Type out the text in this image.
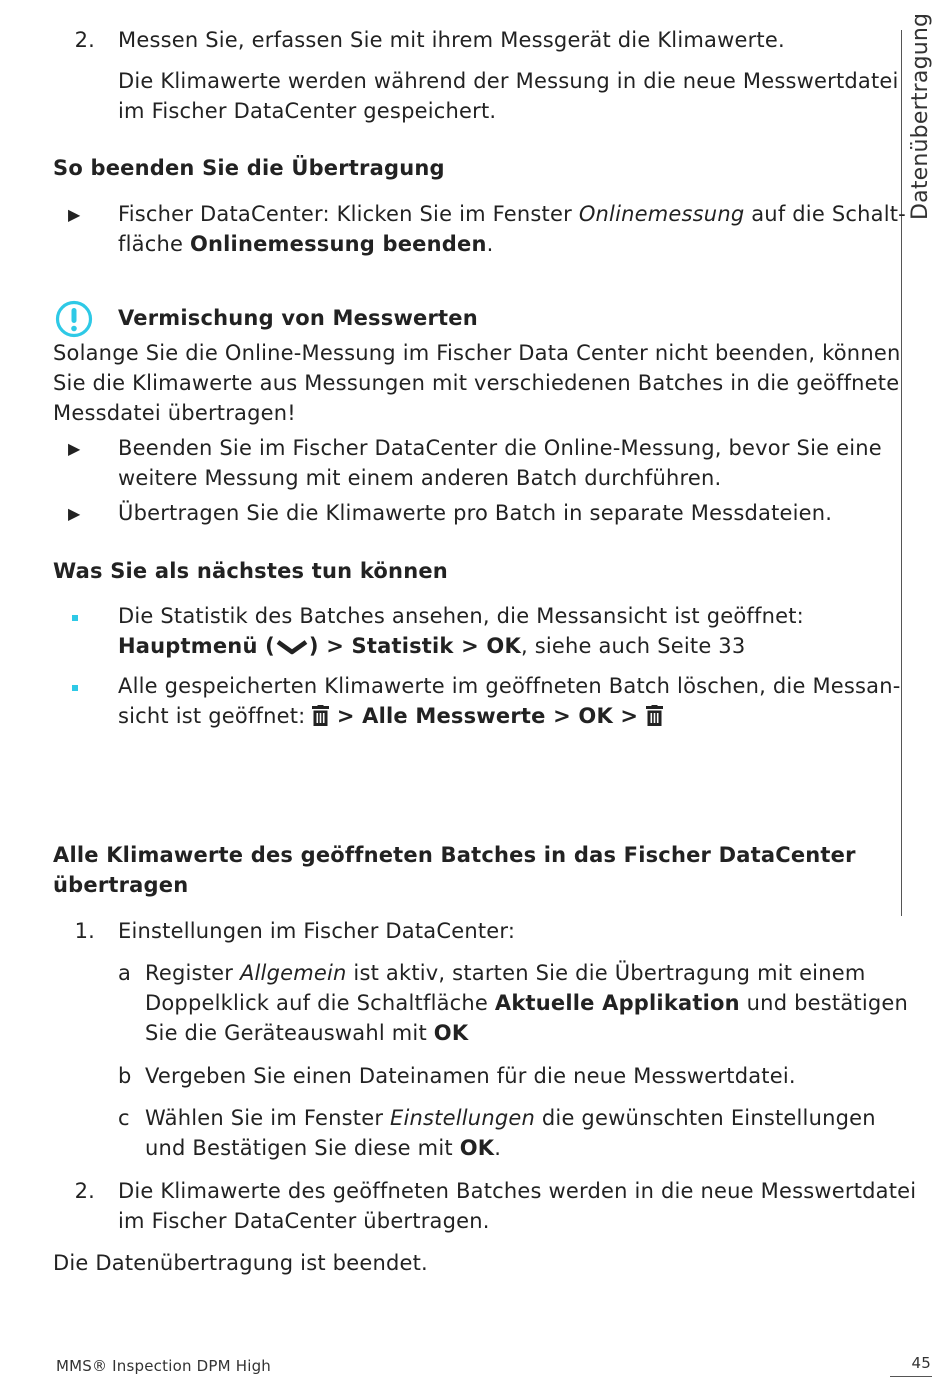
Datenübertragung
2. Messen Sie, erfassen Sie mit ihrem Messgerät die Klimawerte.
Die Klimawerte werden während der Messung in die neue Messwertdatei
im Fischer DataCenter gespeichert.
So beenden Sie die Übertragung
▶ Fischer DataCenter: Klicken Sie im Fenster Onlinemessung auf die Schalt-
fläche Onlinemessung beenden.
Vermischung von Messwerten
Solange Sie die Online-Messung im Fischer Data Center nicht beenden, können
Sie die Klimawerte aus Messungen mit verschiedenen Batches in die geöffnete
Messdatei übertragen!
▶ Beenden Sie im Fischer DataCenter die Online-Messung, bevor Sie eine
weitere Messung mit einem anderen Batch durchführen.
▶ Übertragen Sie die Klimawerte pro Batch in separate Messdateien.
Was Sie als nächstes tun können
Die Statistik des Batches ansehen, die Messansicht ist geöffnet:
Hauptmenü ( ) > Statistik > OK, siehe auch Seite 33
Alle gespeicherten Klimawerte im geöffneten Batch löschen, die Messan-
sicht ist geöffnet:  > Alle Messwerte > OK >
Alle Klimawerte des geöffneten Batches in das Fischer DataCenter
übertragen
1. Einstellungen im Fischer DataCenter:
a Register Allgemein ist aktiv, starten Sie die Übertragung mit einem
Doppelklick auf die Schaltfläche Aktuelle Applikation und bestätigen
Sie die Geräteauswahl mit OK
b Vergeben Sie einen Dateinamen für die neue Messwertdatei.
c Wählen Sie im Fenster Einstellungen die gewünschten Einstellungen
und Bestätigen Sie diese mit OK.
2. Die Klimawerte des geöffneten Batches werden in die neue Messwertdatei
im Fischer DataCenter übertragen.
Die Datenübertragung ist beendet.
MMS® Inspection DPM High	45
